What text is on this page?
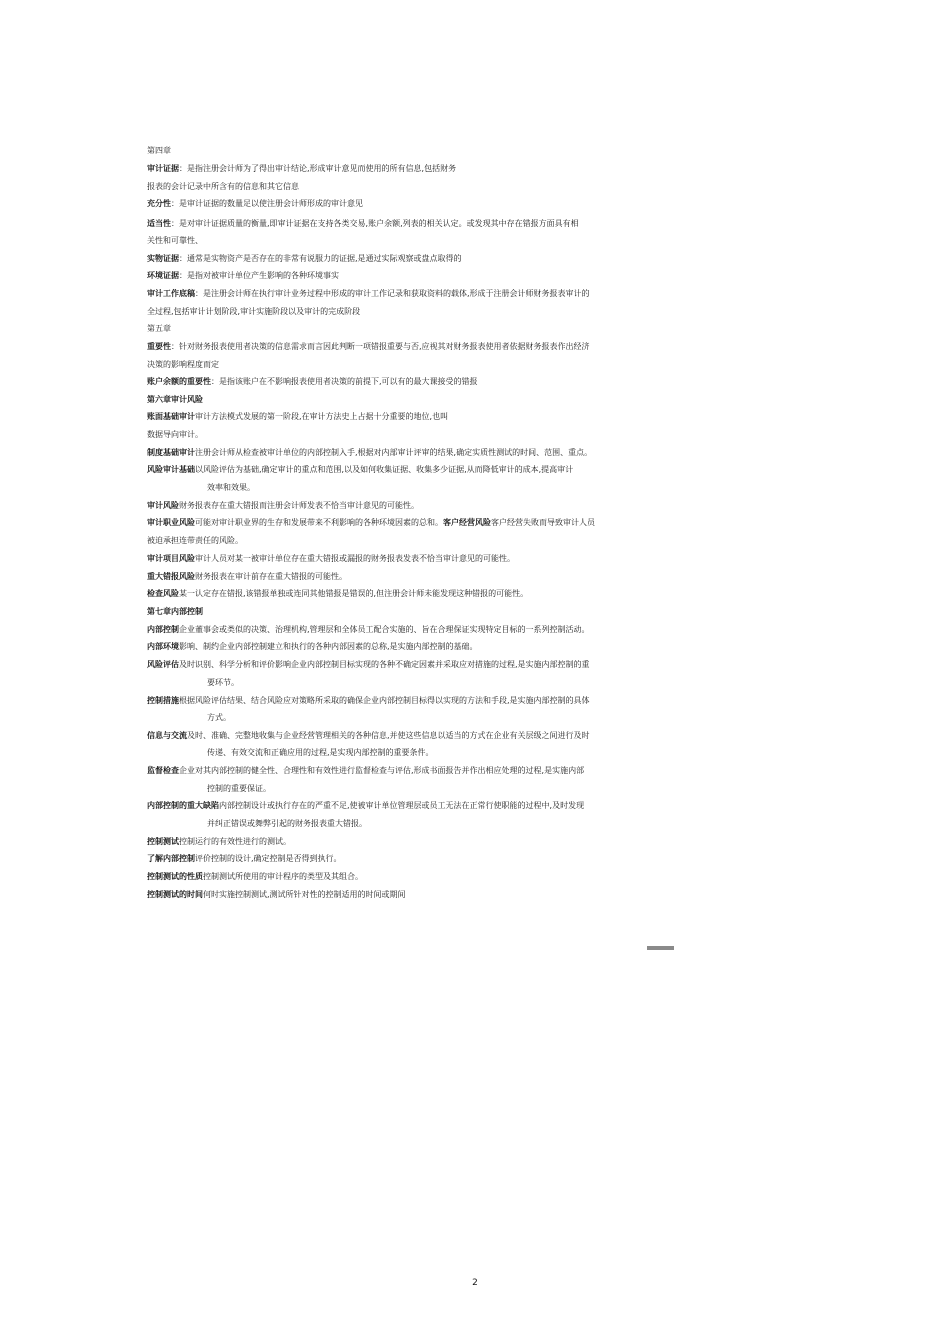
第四章
审计证据：是指注册会计师为了得出审计结论,形成审计意见而使用的所有信息,包括财务
报表的会计记录中所含有的信息和其它信息
充分性：是审计证据的数量足以使注册会计师形成的审计意见
适当性：是对审计证据质量的衡量,即审计证据在支持各类交易,账户余额,列表的相关认定。或发现其中存在错报方面具有相
关性和可靠性、
实物证据：通常是实物资产是否存在的非常有说服力的证据,是通过实际观察或盘点取得的
环境证据：是指对被审计单位产生影响的各种环境事实
审计工作底稿：是注册会计师在执行审计业务过程中形成的审计工作记录和获取资料的载体,形成于注册会计师财务报表审计的
全过程,包括审计计划阶段,审计实施阶段以及审计的完成阶段
第五章
重要性：针对财务报表使用者决策的信息需求而言因此判断一项错报重要与否,应视其对财务报表使用者依据财务报表作出经济
决策的影响程度而定
账户余额的重要性：是指该账户在不影响报表使用者决策的前提下,可以有的最大课接受的错报
第六章审计风险
账面基础审计审计方法模式发展的第一阶段,在审计方法史上占据十分重要的地位,也叫
数据导向审计。
制度基础审计注册会计师从检查被审计单位的内部控制入手,根据对内部审计评审的结果,确定实质性测试的时间、范围、重点。
风险审计基础以风险评估为基础,确定审计的重点和范围,以及如何收集证据、收集多少证据,从而降低审计的成本,提高审计
效率和效果。
审计风险财务报表存在重大错报而注册会计师发表不恰当审计意见的可能性。
审计职业风险可能对审计职业界的生存和发展带来不利影响的各种环境因素的总和。客户经营风险客户经营失败而导致审计人员
被迫承担连带责任的风险。
审计项目风险审计人员对某一被审计单位存在重大错报或漏报的财务报表发表不恰当审计意见的可能性。
重大错报风险财务报表在审计前存在重大错报的可能性。
检查风险某一认定存在错报,该错报单独或连同其他错报是错误的,但注册会计师未能发现这种错报的可能性。
第七章内部控制
内部控制企业董事会或类似的决策、治理机构,管理层和全体员工配合实施的、旨在合理保证实现特定目标的一系列控制活动。
内部环境影响、制约企业内部控制建立和执行的各种内部因素的总称,是实施内部控制的基础。
风险评估及时识别、科学分析和评价影响企业内部控制目标实现的各种不确定因素并采取应对措施的过程,是实施内部控制的重
要环节。
控制措施根据风险评估结果、结合风险应对策略所采取的确保企业内部控制目标得以实现的方法和手段,是实施内部控制的具体
方式。
信息与交流及时、准确、完整地收集与企业经营管理相关的各种信息,并使这些信息以适当的方式在企业有关层级之间进行及时
传递、有效交流和正确应用的过程,是实现内部控制的重要条件。
监督检查企业对其内部控制的健全性、合理性和有效性进行监督检查与评估,形成书面报告并作出相应处理的过程,是实施内部
控制的重要保证。
内部控制的重大缺陷内部控制设计或执行存在的严重不足,使被审计单位管理层或员工无法在正常行使职能的过程中,及时发现
并纠正错误或舞弊引起的财务报表重大错报。
控制测试控制运行的有效性进行的测试。
了解内部控制评价控制的设计,确定控制是否得到执行。
控制测试的性质控制测试所使用的审计程序的类型及其组合。
控制测试的时间何时实施控制测试,测试所针对性的控制适用的时间或期间
2
